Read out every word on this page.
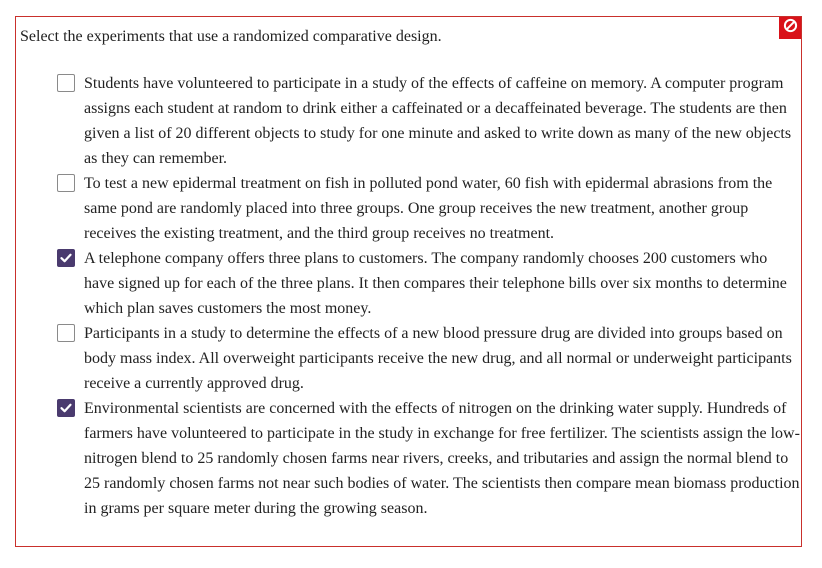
Select the experiments that use a randomized comparative design.
Students have volunteered to participate in a study of the effects of caffeine on memory. A computer program assigns each student at random to drink either a caffeinated or a decaffeinated beverage. The students are then given a list of 20 different objects to study for one minute and asked to write down as many of the new objects as they can remember.
To test a new epidermal treatment on fish in polluted pond water, 60 fish with epidermal abrasions from the same pond are randomly placed into three groups. One group receives the new treatment, another group receives the existing treatment, and the third group receives no treatment.
A telephone company offers three plans to customers. The company randomly chooses 200 customers who have signed up for each of the three plans. It then compares their telephone bills over six months to determine which plan saves customers the most money.
Participants in a study to determine the effects of a new blood pressure drug are divided into groups based on body mass index. All overweight participants receive the new drug, and all normal or underweight participants receive a currently approved drug.
Environmental scientists are concerned with the effects of nitrogen on the drinking water supply. Hundreds of farmers have volunteered to participate in the study in exchange for free fertilizer. The scientists assign the low-nitrogen blend to 25 randomly chosen farms near rivers, creeks, and tributaries and assign the normal blend to 25 randomly chosen farms not near such bodies of water. The scientists then compare mean biomass production in grams per square meter during the growing season.
